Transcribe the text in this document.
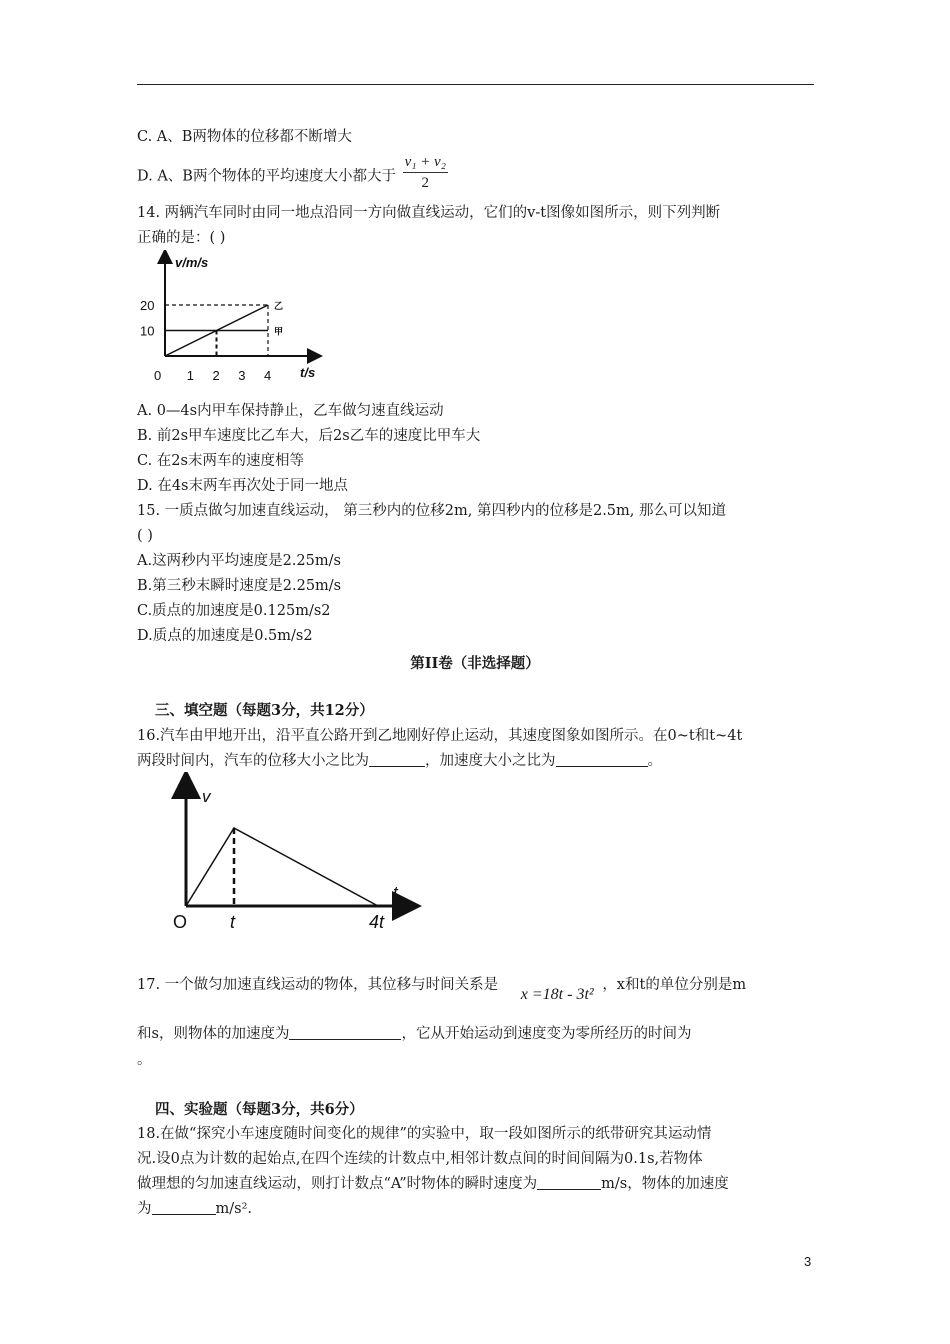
C. A、B两物体的位移都不断增大
D. A、B两个物体的平均速度大小都大于 $\frac{\text{v₁ + v₂}}{2}$
14. 两辆汽车同时由同一地点沿同一方向做直线运动，它们的v-t图像如图所示，则下列判断
正确的是：( )
甲
乙
0 1 2 3 4
10
20
v/m/s
t/s
A. 0—4s内甲车保持静止，乙车做匀速直线运动
B. 前2s甲车速度比乙车大，后2s乙车的速度比甲车大
C. 在2s末两车的速度相等
D. 在4s末两车再次处于同一地点
15. 一质点做匀加速直线运动， 第三秒内的位移2m, 第四秒内的位移是2.5m, 那么可以知道
( )
A.这两秒内平均速度是2.25m/s
B.第三秒末瞬时速度是2.25m/s
C.质点的加速度是0.125m/s2
D.质点的加速度是0.5m/s2
第II卷（非选择题）
三、填空题（每题3分，共12分）
16.汽车由甲地开出，沿平直公路开到乙地刚好停止运动，其速度图象如图所示。在0~t和t~4t
两段时间内，汽车的位移大小之比为	，加速度大小之比为	。
O t	4t
v
t
17. 一个做匀加速直线运动的物体，其位移与时间关系是 x =18t - 3t² ，x和t的单位分别是m
和s，则物体的加速度为	，它从开始运动到速度变为零所经历的时间为
。
四、实验题（每题3分，共6分）
18.在做“探究小车速度随时间变化的规律”的实验中，取一段如图所示的纸带研究其运动情
况.设0点为计数的起始点,在四个连续的计数点中,相邻计数点间的时间间隔为0.1s,若物体
做理想的匀加速直线运动，则打计数点“A”时物体的瞬时速度为	m/s，物体的加速度
为	m/s².
3
